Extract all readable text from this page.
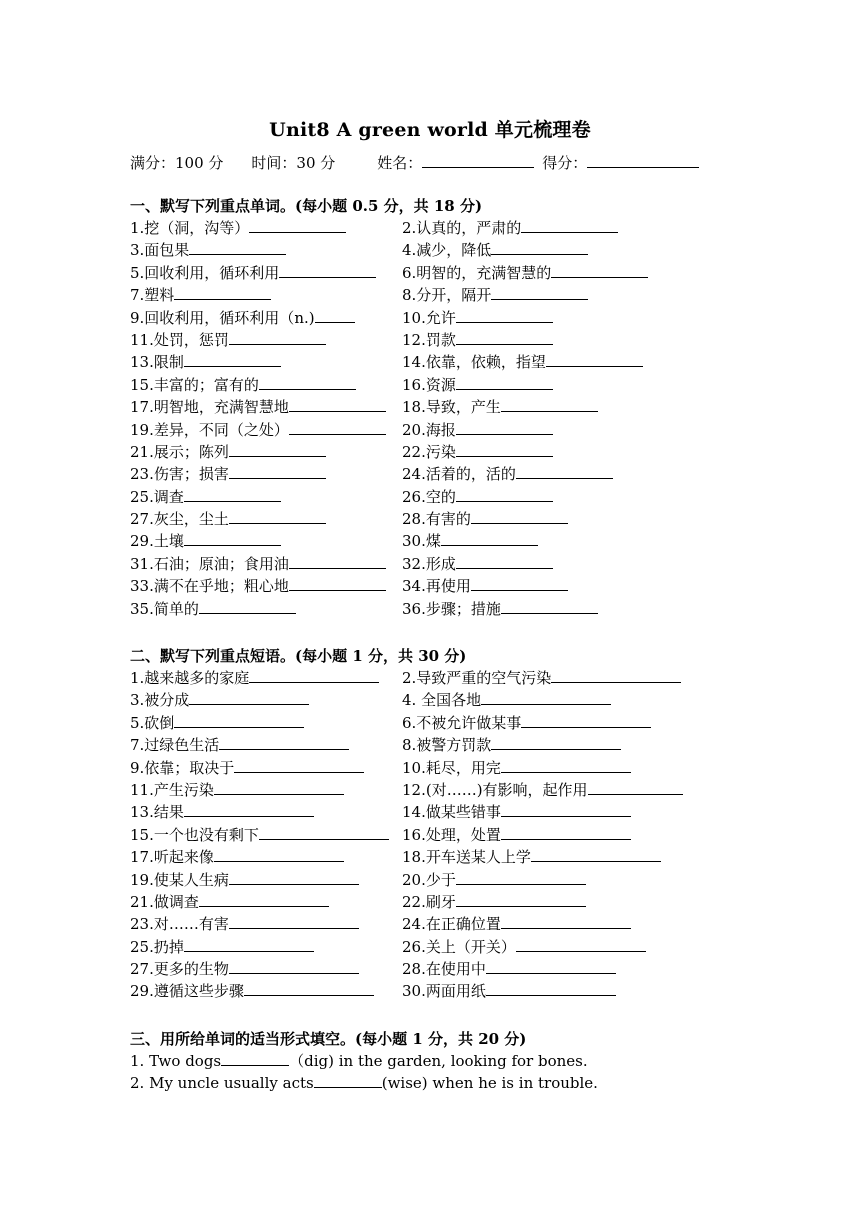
Unit8 A green world 单元梳理卷
满分：100 分 时间：30 分	姓名：	得分：
一、默写下列重点单词。(每小题 0.5 分，共 18 分)
1.挖（洞，沟等）	2.认真的，严肃的
3.面包果	4.减少，降低
5.回收利用，循环利用	6.明智的，充满智慧的
7.塑料	8.分开，隔开
9.回收利用，循环利用（n.)	10.允许
11.处罚，惩罚	12.罚款
13.限制	14.依靠，依赖，指望
15.丰富的；富有的	16.资源
17.明智地，充满智慧地	18.导致，产生
19.差异，不同（之处）	20.海报
21.展示；陈列	22.污染
23.伤害；损害	24.活着的，活的
25.调查	26.空的
27.灰尘，尘土	28.有害的
29.土壤	30.煤
31.石油；原油；食用油	32.形成
33.满不在乎地；粗心地	34.再使用
35.简单的	36.步骤；措施
二、默写下列重点短语。(每小题 1 分，共 30 分)
1.越来越多的家庭	2.导致严重的空气污染
3.被分成	4. 全国各地
5.砍倒	6.不被允许做某事
7.过绿色生活	8.被警方罚款
9.依靠；取决于	10.耗尽，用完
11.产生污染	12.(对……)有影响，起作用
13.结果	14.做某些错事
15.一个也没有剩下	16.处理，处置
17.听起来像	18.开车送某人上学
19.使某人生病	20.少于
21.做调查	22.刷牙
23.对……有害	24.在正确位置
25.扔掉	26.关上（开关）
27.更多的生物	28.在使用中
29.遵循这些步骤	30.两面用纸
三、用所给单词的适当形式填空。(每小题 1 分，共 20 分)
1. Two dogs	（dig) in the garden, looking for bones.
2. My uncle usually acts	(wise) when he is in trouble.
